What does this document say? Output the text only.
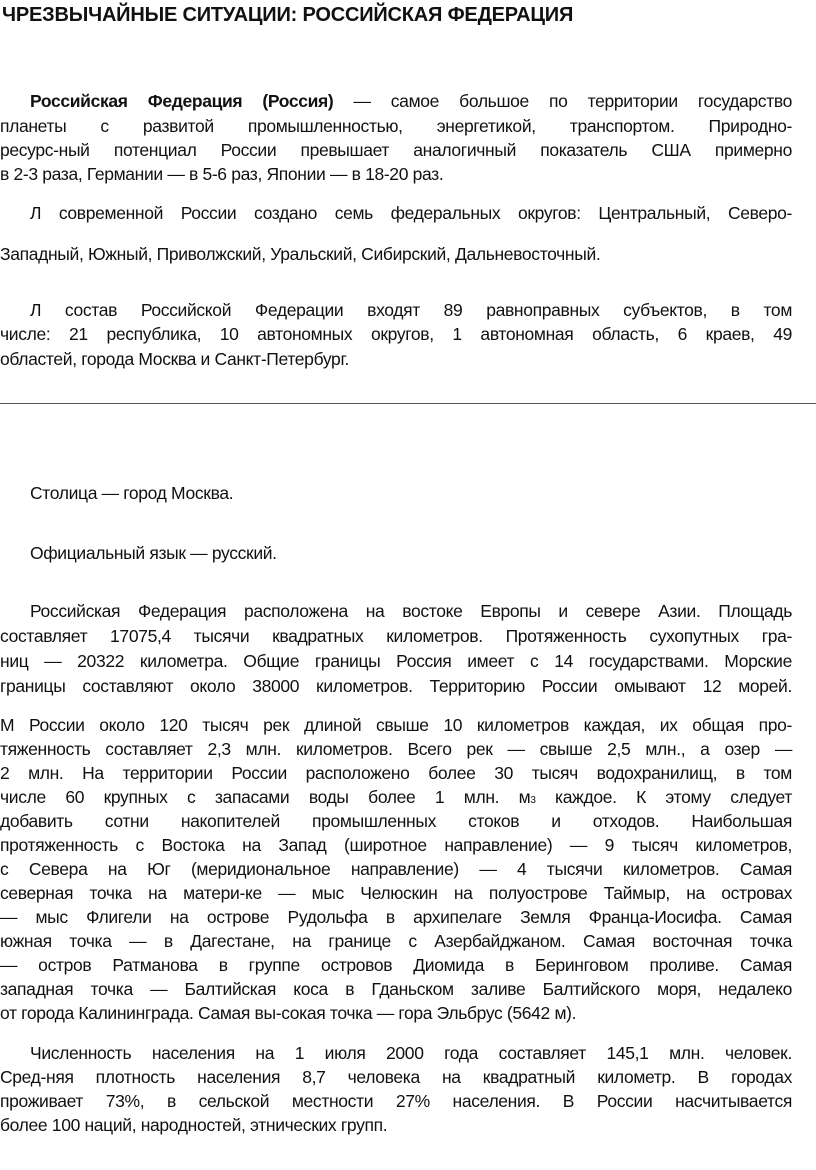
ЧРЕЗВЫЧАЙНЫЕ СИТУАЦИИ: РОССИЙСКАЯ ФЕДЕРАЦИЯ
Российская Федерация (Россия) — самое большое по территории государство
планеты с развитой промышленностью, энергетикой, транспортом. Природно-
ресурс-ный потенциал России превышает аналогичный показатель США примерно
в 2-3 раза, Германии — в 5-6 раз, Японии — в 18-20 раз.
Л современной России создано семь федеральных округов: Центральный, Северо-
Западный, Южный, Приволжский, Уральский, Сибирский, Дальневосточный.
Л состав Российской Федерации входят 89 равноправных субъектов, в том
числе: 21 республика, 10 автономных округов, 1 автономная область, 6 краев, 49
областей, города Москва и Санкт-Петербург.
Столица — город Москва.
Официальный язык — русский.
Российская Федерация расположена на востоке Европы и севере Азии. Площадь
составляет 17075,4 тысячи квадратных километров. Протяженность сухопутных гра-
ниц — 20322 километра. Общие границы Россия имеет с 14 государствами. Морские
границы составляют около 38000 километров. Территорию России омывают 12 морей.
М России около 120 тысяч рек длиной свыше 10 километров каждая, их общая про-
тяженность составляет 2,3 млн. километров. Всего рек — свыше 2,5 млн., а озер —
2 млн. На территории России расположено более 30 тысяч водохранилищ, в том
числе 60 крупных с запасами воды более 1 млн. м3 каждое. К этому следует
добавить сотни накопителей промышленных стоков и отходов. Наибольшая
протяженность с Востока на Запад (широтное направление) — 9 тысяч километров,
с Севера на Юг (меридиональное направление) — 4 тысячи километров. Самая
северная точка на матери-ке — мыс Челюскин на полуострове Таймыр, на островах
— мыс Флигели на острове Рудольфа в архипелаге Земля Франца-Иосифа. Самая
южная точка — в Дагестане, на границе с Азербайджаном. Самая восточная точка
— остров Ратманова в группе островов Диомида в Беринговом проливе. Самая
западная точка — Балтийская коса в Гданьском заливе Балтийского моря, недалеко
от города Калининграда. Самая вы-сокая точка — гора Эльбрус (5642 м).
Численность населения на 1 июля 2000 года составляет 145,1 млн. человек.
Сред-няя плотность населения 8,7 человека на квадратный километр. В городах
проживает 73%, в сельской местности 27% населения. В России насчитывается
более 100 наций, народностей, этнических групп.
